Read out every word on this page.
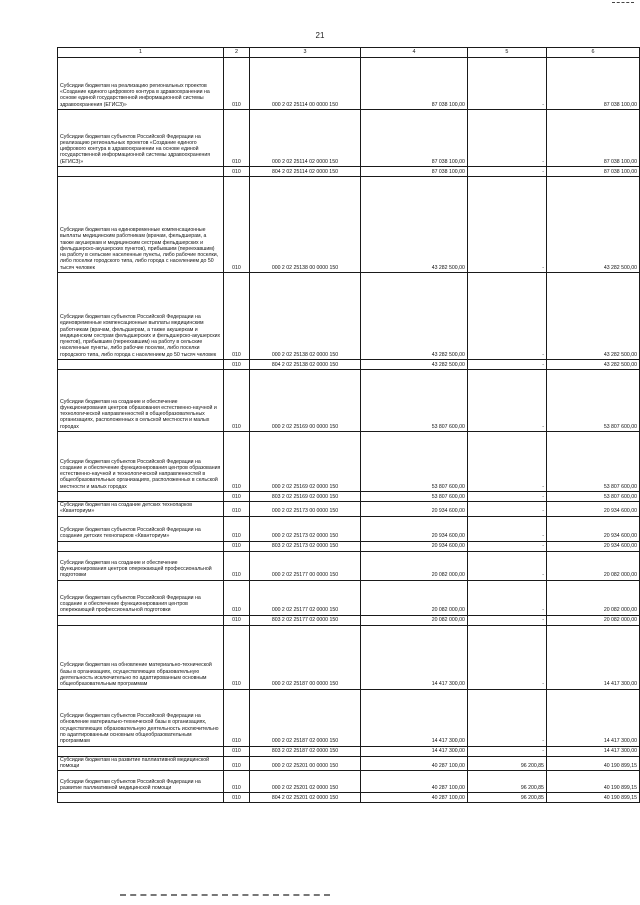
21
1	2	3	4	5	6
Субсидии бюджетам на реализацию региональных проектов «Создание единого цифрового контура в здравоохранении на основе единой государственной информационной системы здравоохранения (ЕГИСЗ)»	010	000 2 02 25114 00 0000 150	87 038 100,00	-	87 038 100,00
Субсидии бюджетам субъектов Российской Федерации на реализацию региональных проектов «Создание единого цифрового контура в здравоохранении на основе единой государственной информационной системы здравоохранения (ЕГИСЗ)»	010	000 2 02 25114 02 0000 150	87 038 100,00	-	87 038 100,00
	010	804 2 02 25114 02 0000 150	87 038 100,00	-	87 038 100,00
Субсидии бюджетам на единовременные компенсационные выплаты медицинским работникам (врачам, фельдшерам, а также акушеркам и медицинским сестрам фельдшерских и фельдшерско-акушерских пунктов), прибывшим (переехавшим) на работу в сельские населенные пункты, либо рабочие поселки, либо поселки городского типа, либо города с населением до 50 тысяч человек	010	000 2 02 25138 00 0000 150	43 282 500,00	-	43 282 500,00
Субсидии бюджетам субъектов Российской Федерации на единовременные компенсационные выплаты медицинским работникам (врачам, фельдшерам, а также акушеркам и медицинским сестрам фельдшерских и фельдшерско-акушерских пунктов), прибывшим (переехавшим) на работу в сельские населенные пункты, либо рабочие поселки, либо поселки городского типа, либо города с населением до 50 тысяч человек	010	000 2 02 25138 02 0000 150	43 282 500,00	-	43 282 500,00
	010	804 2 02 25138 02 0000 150	43 282 500,00	-	43 282 500,00
Субсидии бюджетам на создание и обеспечение функционирования центров образования естественно-научной и технологической направленностей в общеобразовательных организациях, расположенных в сельской местности и малых городах	010	000 2 02 25169 00 0000 150	53 807 600,00	-	53 807 600,00
Субсидии бюджетам субъектов Российской Федерации на создание и обеспечение функционирования центров образования естественно-научной и технологической направленностей в общеобразовательных организациях, расположенных в сельской местности и малых городах	010	000 2 02 25169 02 0000 150	53 807 600,00	-	53 807 600,00
	010	803 2 02 25169 02 0000 150	53 807 600,00	-	53 807 600,00
Субсидии бюджетам на создание детских технопарков «Кванториум»	010	000 2 02 25173 00 0000 150	20 934 600,00	-	20 934 600,00
Субсидии бюджетам субъектов Российской Федерации на создание детских технопарков «Кванториум»	010	000 2 02 25173 02 0000 150	20 934 600,00	-	20 934 600,00
	010	803 2 02 25173 02 0000 150	20 934 600,00	-	20 934 600,00
Субсидии бюджетам на создание и обеспечение функционирования центров опережающей профессиональной подготовки	010	000 2 02 25177 00 0000 150	20 082 000,00	-	20 082 000,00
Субсидии бюджетам субъектов Российской Федерации на создание и обеспечение функционирования центров опережающей профессиональной подготовки	010	000 2 02 25177 02 0000 150	20 082 000,00	-	20 082 000,00
	010	803 2 02 25177 02 0000 150	20 082 000,00	-	20 082 000,00
Субсидии бюджетам на обновление материально-технической базы в организациях, осуществляющих образовательную деятельность исключительно по адаптированным основным общеобразовательным программам	010	000 2 02 25187 00 0000 150	14 417 300,00	-	14 417 300,00
Субсидии бюджетам субъектов Российской Федерации на обновление материально-технической базы в организациях, осуществляющих образовательную деятельность исключительно по адаптированным основным общеобразовательным программам	010	000 2 02 25187 02 0000 150	14 417 300,00	-	14 417 300,00
	010	803 2 02 25187 02 0000 150	14 417 300,00	-	14 417 300,00
Субсидии бюджетам на развитие паллиативной медицинской помощи	010	000 2 02 25201 00 0000 150	40 287 100,00	96 200,85	40 190 899,15
Субсидии бюджетам субъектов Российской Федерации на развитие паллиативной медицинской помощи	010	000 2 02 25201 02 0000 150	40 287 100,00	96 200,85	40 190 899,15
	010	804 2 02 25201 02 0000 150	40 287 100,00	96 200,85	40 190 899,15
